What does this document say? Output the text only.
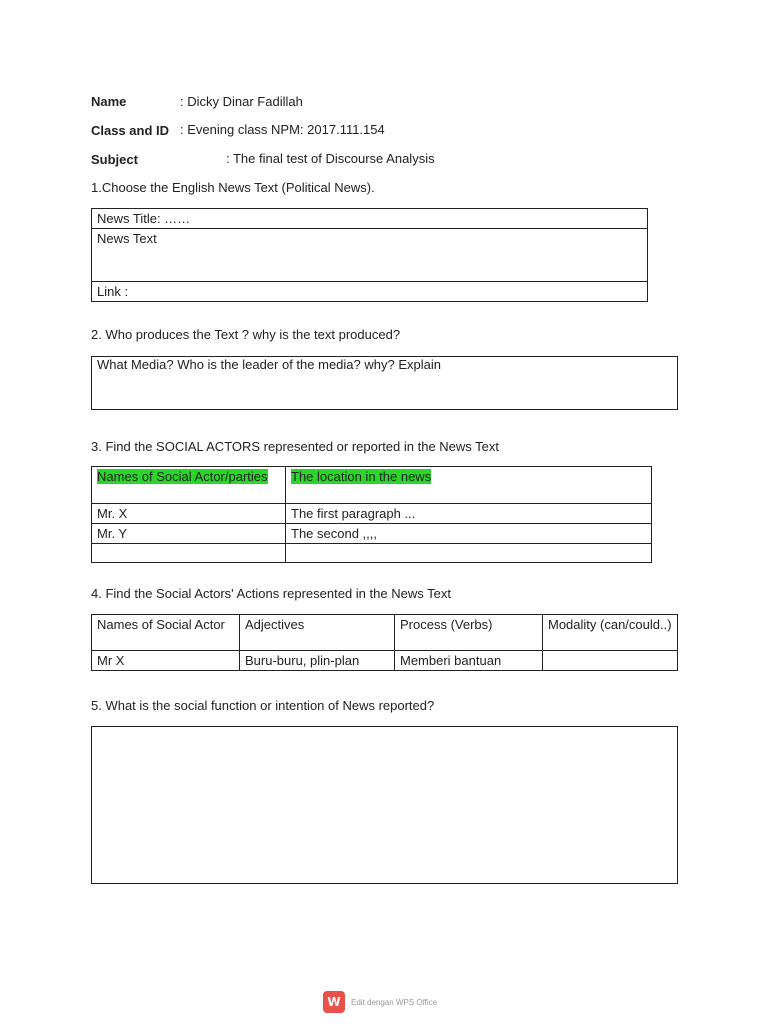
Name	: Dicky Dinar Fadillah
Class and ID : Evening class NPM: 2017.111.154
Subject	: The final test of Discourse Analysis
1.Choose the English News Text (Political News).
News Title: ……
News Text
Link :
2. Who produces the Text ? why is the text produced?
What Media? Who is the leader of the media? why? Explain
3. Find the SOCIAL ACTORS represented or reported in the News Text
Names of Social Actor/parties	The location in the news
Mr. X	The first paragraph ...
Mr. Y	The second ,,,,

4. Find the Social Actors' Actions represented in the News Text
Names of Social Actor	Adjectives	Process (Verbs)	Modality (can/could..)
Mr X	Buru-buru, plin-plan	Memberi bantuan	
5. What is the social function or intention of News reported?
W	Edit dengan WPS Office
